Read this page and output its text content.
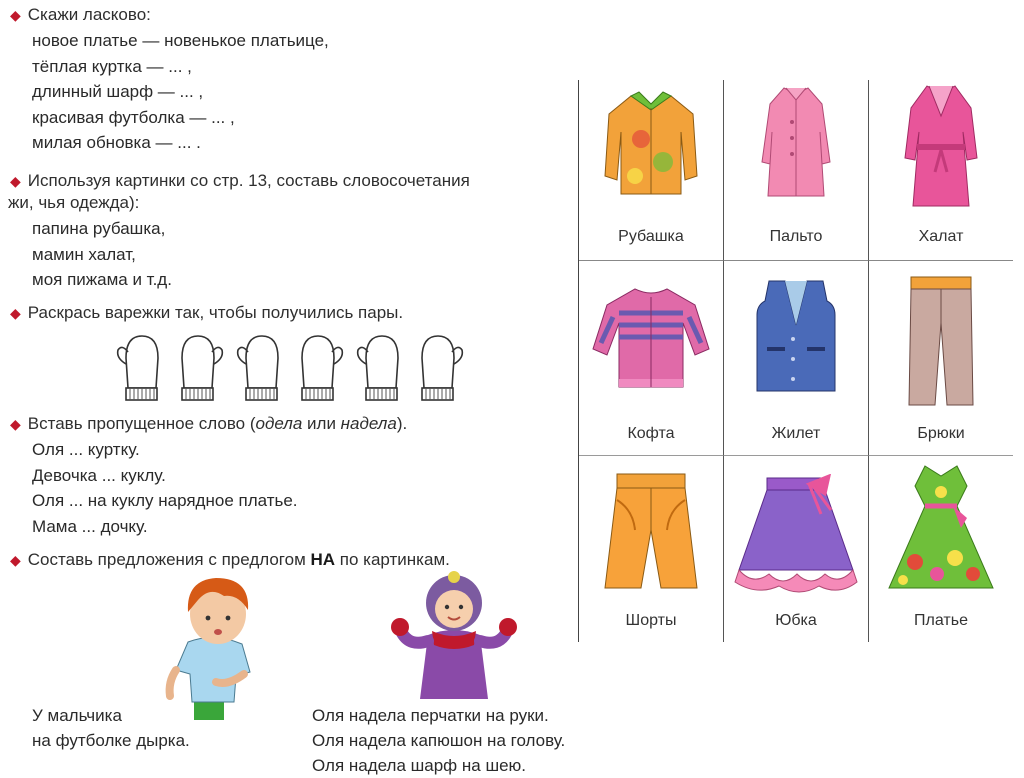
◆ Скажи ласково:
новое платье — новенькое платьице,
тёплая куртка — ... ,
длинный шарф — ... ,
красивая футболка — ... ,
милая обновка — ... .
◆ Используя картинки со стр. 13, составь словосочетания
жи, чья одежда):
папина рубашка,
мамин халат,
моя пижама и т.д.
◆ Раскрась варежки так, чтобы получились пары.
◆ Вставь пропущенное слово (одела или надела).
Оля ... куртку.
Девочка ... куклу.
Оля ... на куклу нарядное платье.
Мама ... дочку.
◆ Составь предложения с предлогом НА по картинкам.
У мальчика
на футболке дырка.
Оля надела перчатки на руки.
Оля надела капюшон на голову.
Оля надела шарф на шею.
Рубашка	Пальто	Халат
Кофта	Жилет	Брюки
Шорты	Юбка	Платье
